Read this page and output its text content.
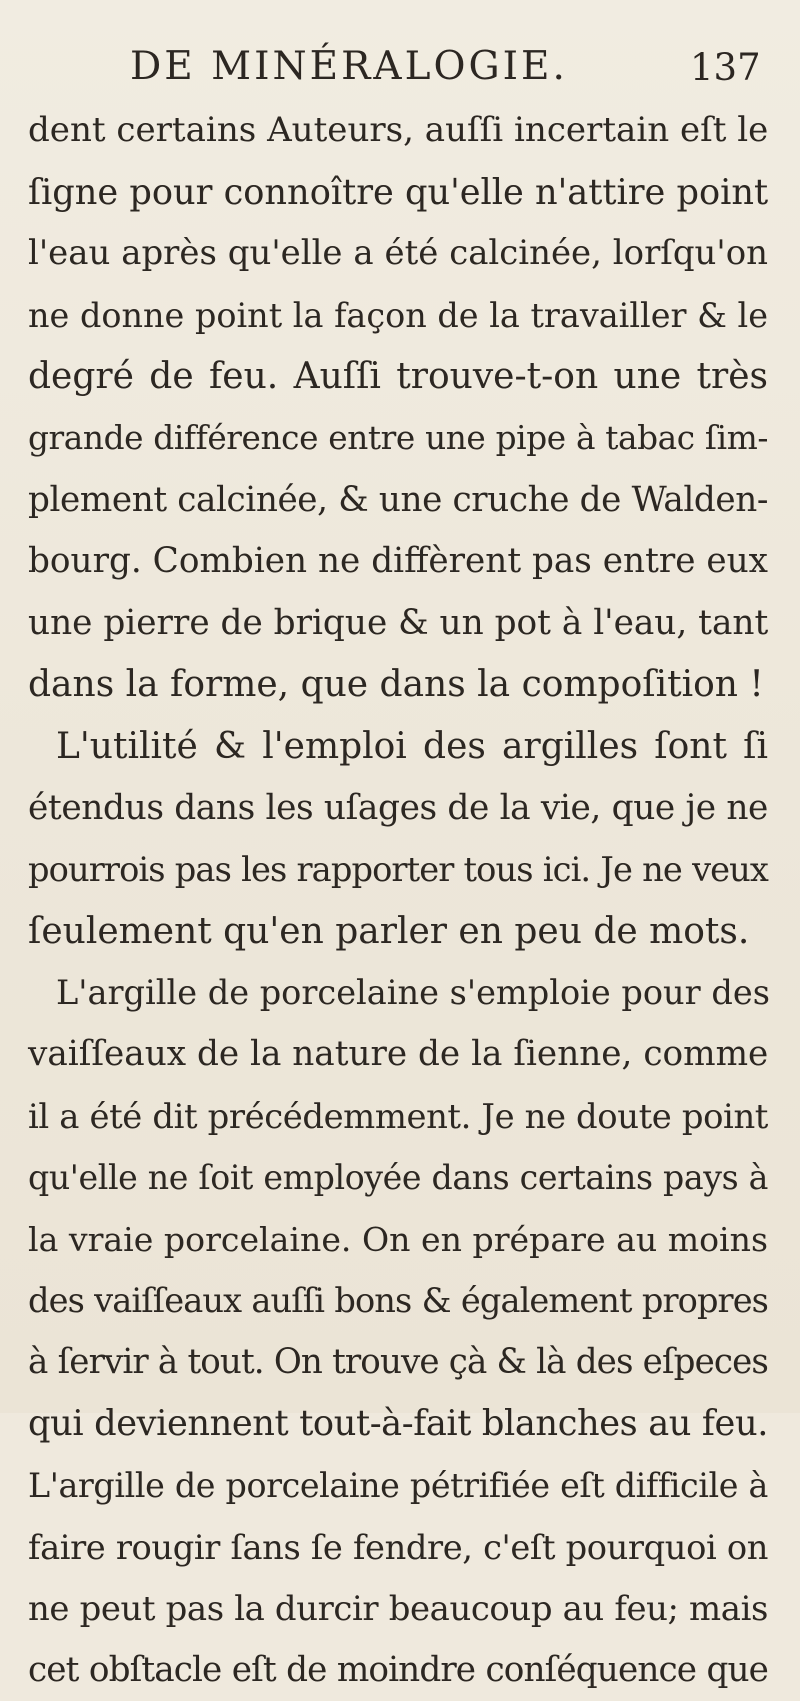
DE MINÉRALOGIE.	137
dent certains Auteurs, auſſi incertain eſt le
ſigne pour connoître qu'elle n'attire point
l'eau après qu'elle a été calcinée, lorſqu'on
ne donne point la façon de la travailler & le
degré de feu. Auſſi trouve-t-on une très
grande différence entre une pipe à tabac ſim-
plement calcinée, & une cruche de Walden-
bourg. Combien ne diffèrent pas entre eux
une pierre de brique & un pot à l'eau, tant
dans la forme, que dans la compoſition !
L'utilité & l'emploi des argilles ſont ſi
étendus dans les uſages de la vie, que je ne
pourrois pas les rapporter tous ici. Je ne veux
ſeulement qu'en parler en peu de mots.
L'argille de porcelaine s'emploie pour des
vaiſſeaux de la nature de la ſienne, comme
il a été dit précédemment. Je ne doute point
qu'elle ne ſoit employée dans certains pays à
la vraie porcelaine. On en prépare au moins
des vaiſſeaux auſſi bons & également propres
à ſervir à tout. On trouve çà & là des eſpeces
qui deviennent tout-à-fait blanches au feu.
L'argille de porcelaine pétrifiée eſt difficile à
faire rougir ſans ſe fendre, c'eſt pourquoi on
ne peut pas la durcir beaucoup au feu; mais
cet obſtacle eſt de moindre conſéquence que
